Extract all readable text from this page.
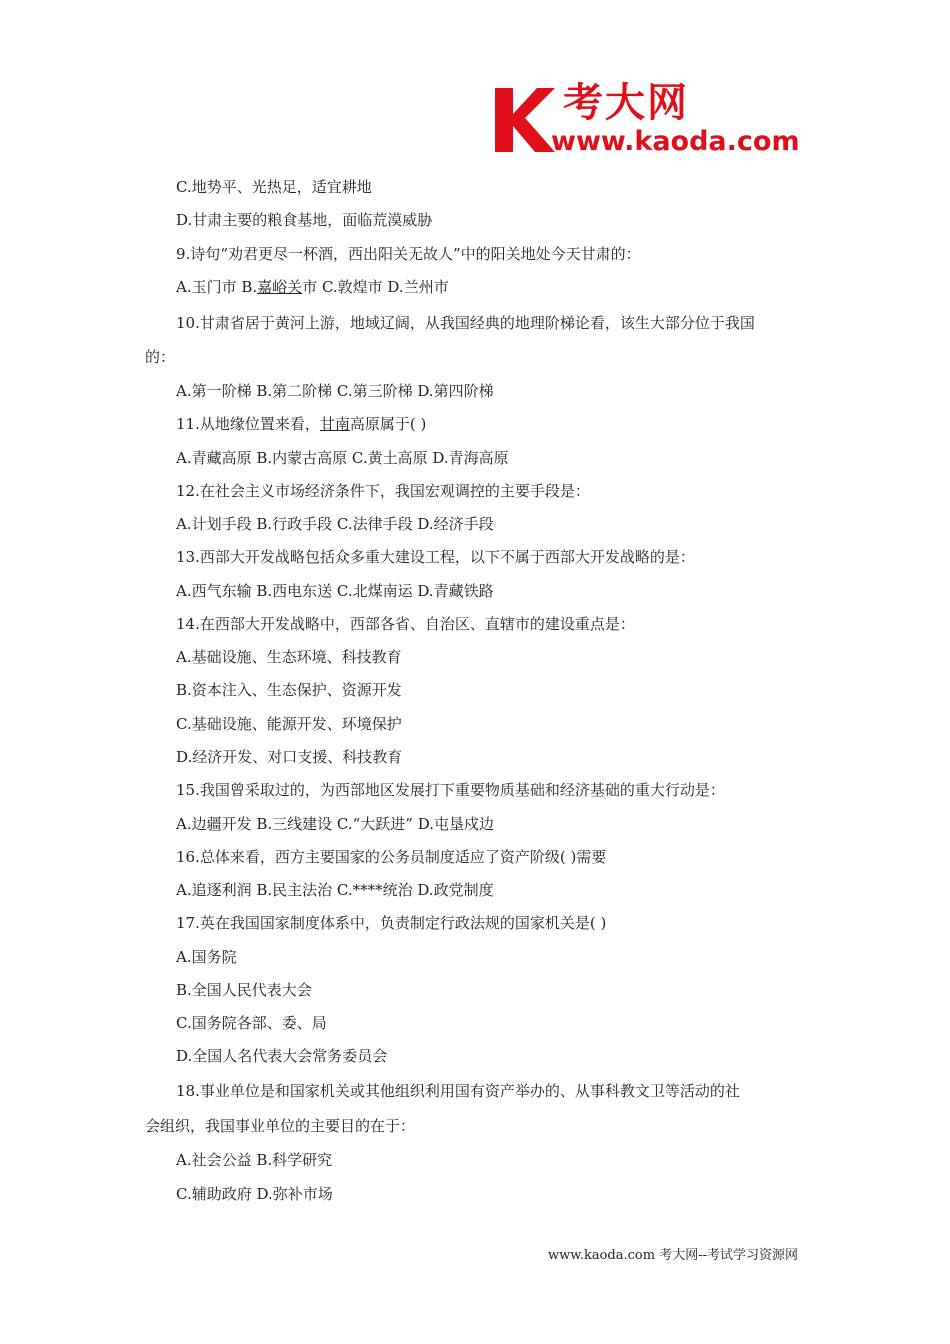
考大网
www.kaoda.com
C.地势平、光热足，适宜耕地
D.甘肃主要的粮食基地，面临荒漠威胁
9.诗句“劝君更尽一杯酒，西出阳关无故人”中的阳关地处今天甘肃的：
A.玉门市 B.嘉峪关市 C.敦煌市 D.兰州市
10.甘肃省居于黄河上游，地域辽阔，从我国经典的地理阶梯论看，该生大部分位于我国
的：
A.第一阶梯 B.第二阶梯 C.第三阶梯 D.第四阶梯
11.从地缘位置来看，甘南高原属于( )
A.青藏高原 B.内蒙古高原 C.黄土高原 D.青海高原
12.在社会主义市场经济条件下，我国宏观调控的主要手段是：
A.计划手段 B.行政手段 C.法律手段 D.经济手段
13.西部大开发战略包括众多重大建设工程，以下不属于西部大开发战略的是：
A.西气东输 B.西电东送 C.北煤南运 D.青藏铁路
14.在西部大开发战略中，西部各省、自治区、直辖市的建设重点是：
A.基础设施、生态环境、科技教育
B.资本注入、生态保护、资源开发
C.基础设施、能源开发、环境保护
D.经济开发、对口支援、科技教育
15.我国曾采取过的，为西部地区发展打下重要物质基础和经济基础的重大行动是：
A.边疆开发 B.三线建设 C.“大跃进” D.屯垦戍边
16.总体来看，西方主要国家的公务员制度适应了资产阶级( )需要
A.追逐利润 B.民主法治 C.****统治 D.政党制度
17.英在我国国家制度体系中，负责制定行政法规的国家机关是( )
A.国务院
B.全国人民代表大会
C.国务院各部、委、局
D.全国人名代表大会常务委员会
18.事业单位是和国家机关或其他组织利用国有资产举办的、从事科教文卫等活动的社
会组织，我国事业单位的主要目的在于：
A.社会公益 B.科学研究
C.辅助政府 D.弥补市场
www.kaoda.com 考大网--考试学习资源网
